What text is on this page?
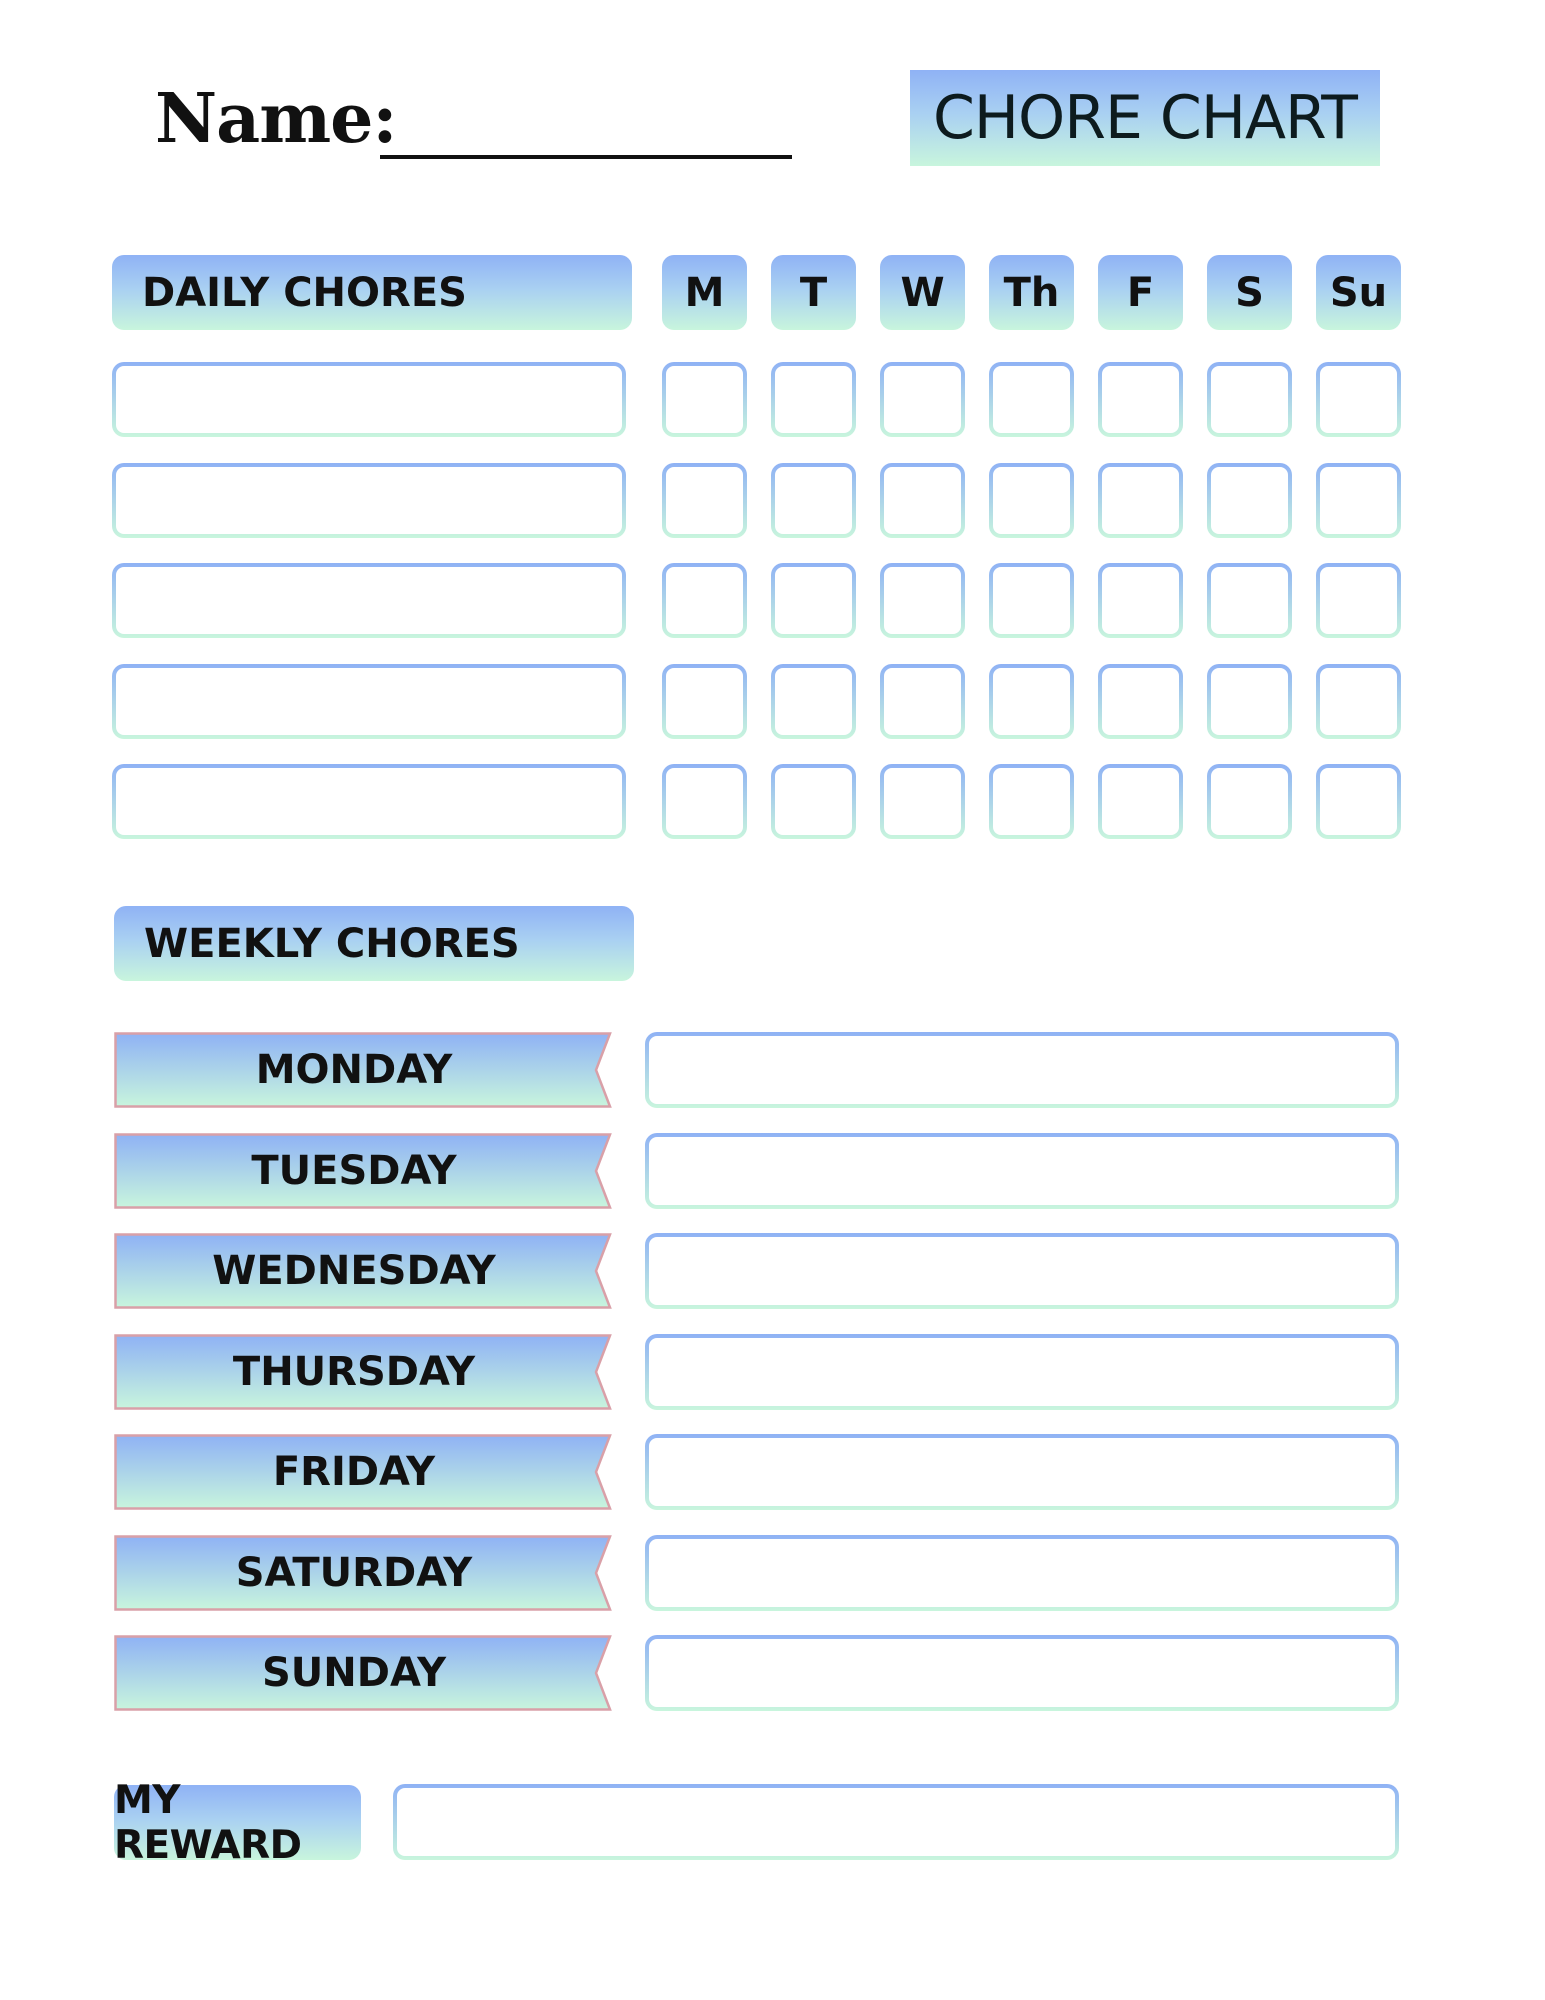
Name:	CHORE CHART
DAILY CHORES	M	T	W	Th	F	S	Su
WEEKLY CHORES
MONDAY
TUESDAY
WEDNESDAY
THURSDAY
FRIDAY
SATURDAY
SUNDAY
MY REWARD
